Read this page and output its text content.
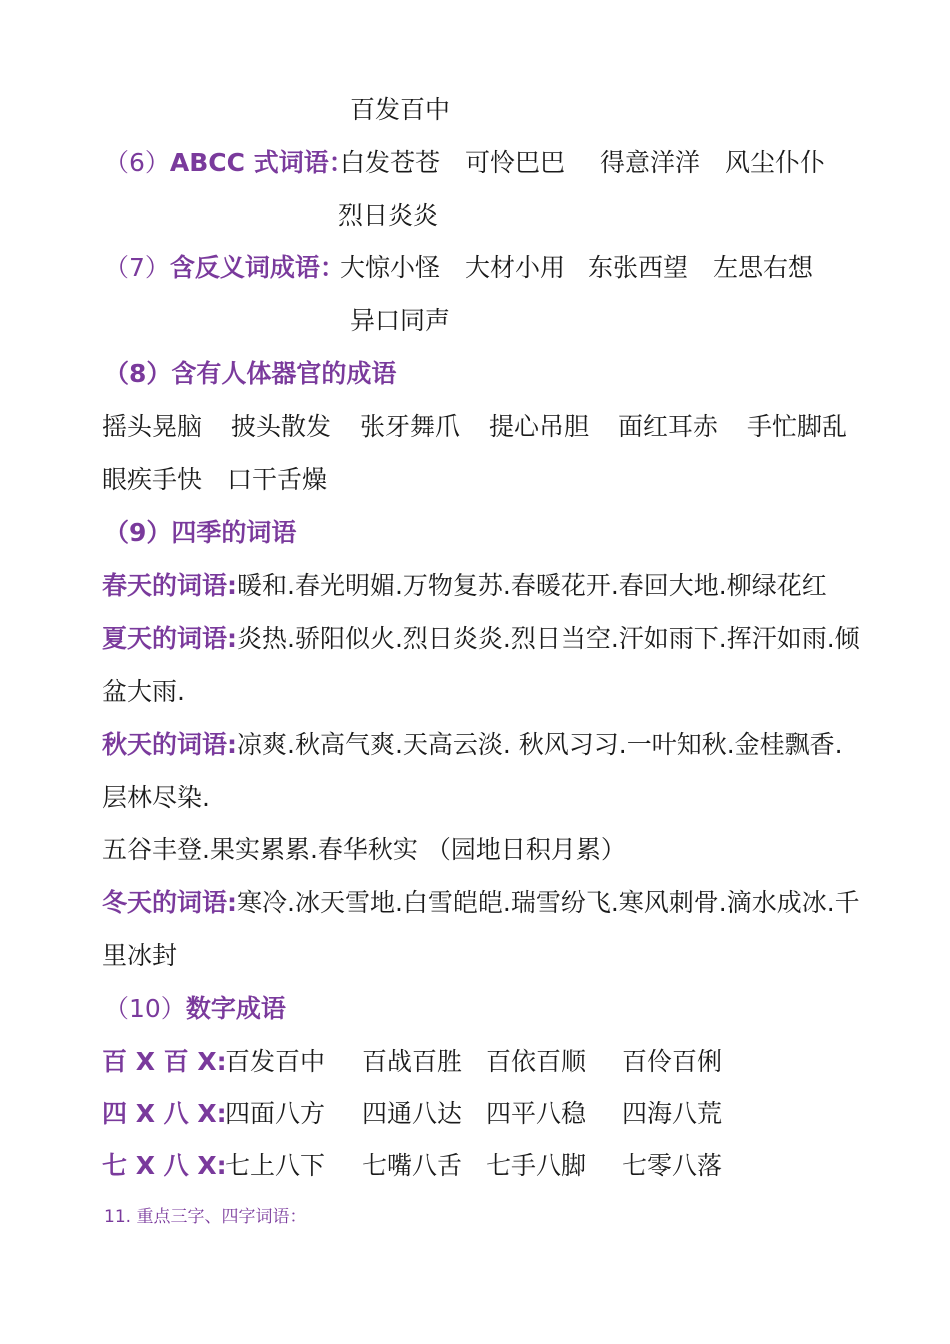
百发百中
（6）ABCC 式词语：
白发苍苍 可怜巴巴 得意洋洋 风尘仆仆
烈日炎炎
（7）含反义词成语：
大惊小怪 大材小用 东张西望 左思右想
异口同声
（8）含有人体器官的成语
摇头晃脑 披头散发 张牙舞爪 提心吊胆 面红耳赤 手忙脚乱
眼疾手快 口干舌燥
（9）四季的词语
春天的词语:暖和.春光明媚.万物复苏.春暖花开.春回大地.柳绿花红
夏天的词语:炎热.骄阳似火.烈日炎炎.烈日当空.汗如雨下.挥汗如雨.倾
盆大雨.
秋天的词语:凉爽.秋高气爽.天高云淡. 秋风习习.一叶知秋.金桂飘香.
层林尽染.
五谷丰登.果实累累.春华秋实 （园地日积月累）
冬天的词语:寒冷.冰天雪地.白雪皑皑.瑞雪纷飞.寒风刺骨.滴水成冰.千
里冰封
（10）数字成语
百 X 百 X:
百发百中 百战百胜 百依百顺 百伶百俐
四 X 八 X:
四面八方 四通八达 四平八稳 四海八荒
七 X 八 X:
七上八下 七嘴八舌 七手八脚 七零八落
11. 重点三字、四字词语：
